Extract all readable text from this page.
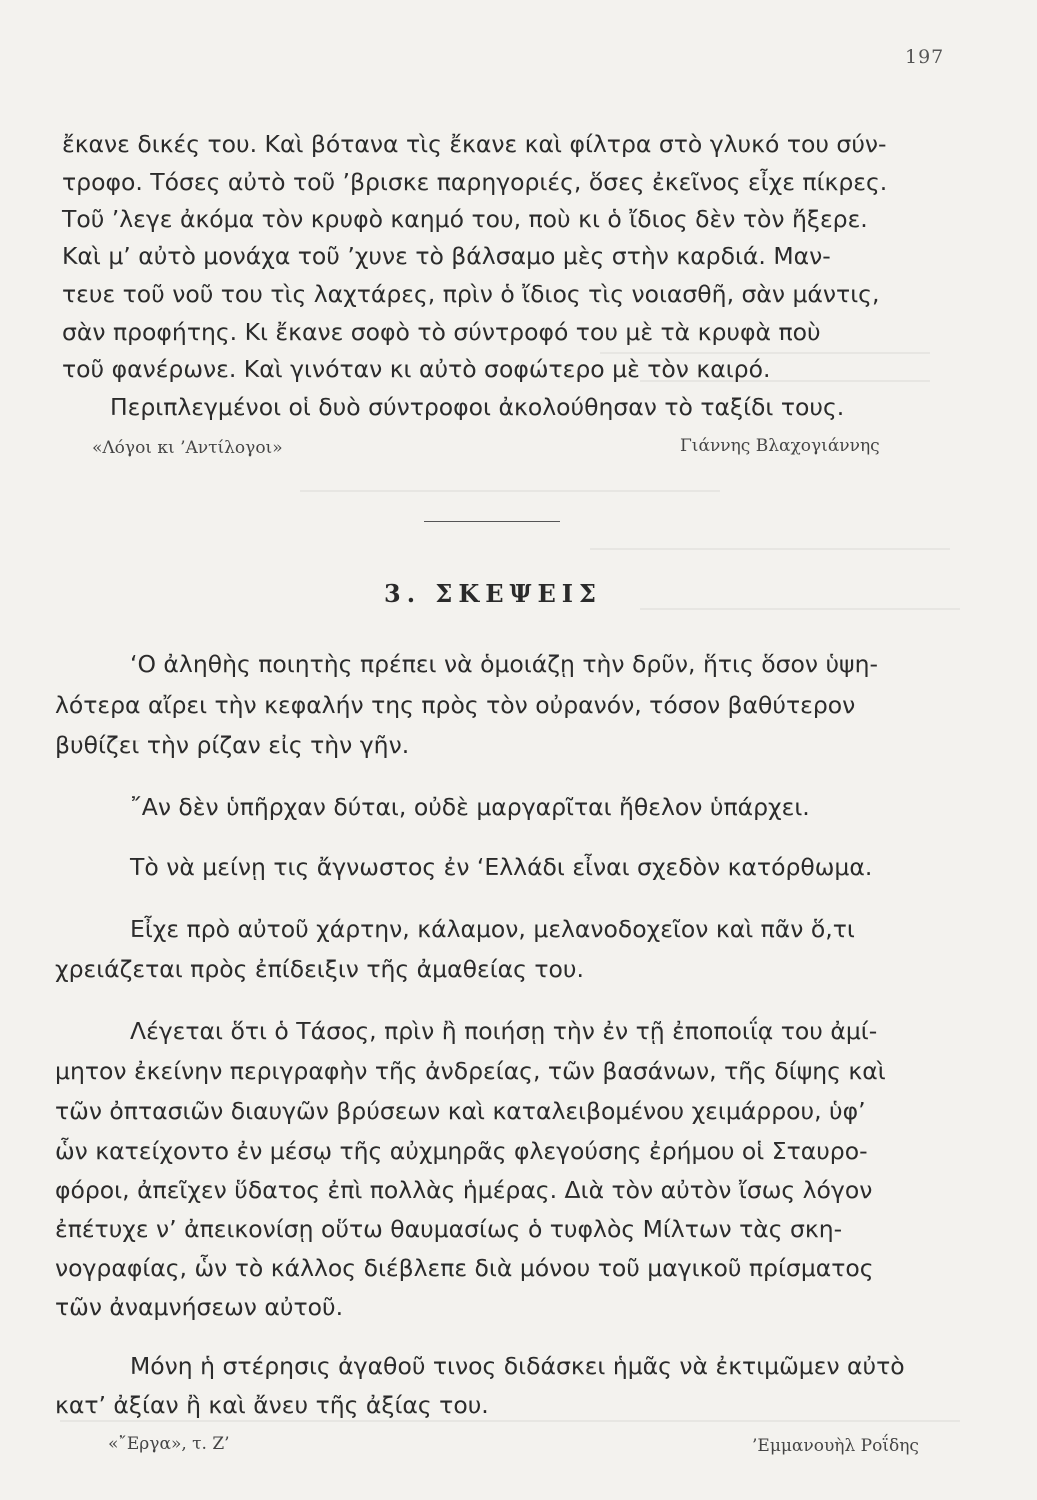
197
ἔκανε δικές του. Καὶ βότανα τὶς ἔκανε καὶ φίλτρα στὸ γλυκό του σύν-
τροφο. Τόσες αὐτὸ τοῦ ’βρισκε παρηγοριές, ὅσες ἐκεῖνος εἶχε πίκρες.
Τοῦ ’λεγε ἀκόμα τὸν κρυφὸ καημό του, ποὺ κι ὁ ἴδιος δὲν τὸν ἤξερε.
Καὶ μ’ αὐτὸ μονάχα τοῦ ’χυνε τὸ βάλσαμο μὲς στὴν καρδιά. Μαν-
τευε τοῦ νοῦ του τὶς λαχτάρες, πρὶν ὁ ἴδιος τὶς νοιασθῆ, σὰν μάντις,
σὰν προφήτης. Κι ἔκανε σοφὸ τὸ σύντροφό του μὲ τὰ κρυφὰ ποὺ
τοῦ φανέρωνε. Καὶ γινόταν κι αὐτὸ σοφώτερο μὲ τὸν καιρό.
Περιπλεγμένοι οἱ δυὸ σύντροφοι ἀκολούθησαν τὸ ταξίδι τους.
«Λόγοι κι ’Αντίλογοι»	Γιάννης Βλαχογιάννης
3. ΣΚΕΨΕΙΣ
‘Ο ἀληθὴς ποιητὴς πρέπει νὰ ὁμοιάζῃ τὴν δρῦν, ἥτις ὅσον ὑψη-
λότερα αἴρει τὴν κεφαλήν της πρὸς τὸν οὐρανόν, τόσον βαθύτερον
βυθίζει τὴν ρίζαν εἰς τὴν γῆν.
῎Αν δὲν ὑπῆρχαν δύται, οὐδὲ μαργαρῖται ἤθελον ὑπάρχει.
Τὸ νὰ μείνῃ τις ἄγνωστος ἐν ‘Ελλάδι εἶναι σχεδὸν κατόρθωμα.
Εἶχε πρὸ αὐτοῦ χάρτην, κάλαμον, μελανοδοχεῖον καὶ πᾶν ὅ,τι
χρειάζεται πρὸς ἐπίδειξιν τῆς ἀμαθείας του.
Λέγεται ὅτι ὁ Τάσος, πρὶν ἢ ποιήσῃ τὴν ἐν τῇ ἐποποιΐᾳ του ἀμί-
μητον ἐκείνην περιγραφὴν τῆς ἀνδρείας, τῶν βασάνων, τῆς δίψης καὶ
τῶν ὀπτασιῶν διαυγῶν βρύσεων καὶ καταλειβομένου χειμάρρου, ὑφ’
ὧν κατείχοντο ἐν μέσῳ τῆς αὐχμηρᾶς φλεγούσης ἐρήμου οἱ Σταυρο-
φόροι, ἀπεῖχεν ὕδατος ἐπὶ πολλὰς ἡμέρας. Διὰ τὸν αὐτὸν ἴσως λόγον
ἐπέτυχε ν’ ἀπεικονίσῃ οὕτω θαυμασίως ὁ τυφλὸς Μίλτων τὰς σκη-
νογραφίας, ὧν τὸ κάλλος διέβλεπε διὰ μόνου τοῦ μαγικοῦ πρίσματος
τῶν ἀναμνήσεων αὐτοῦ.
Μόνη ἡ στέρησις ἀγαθοῦ τινος διδάσκει ἡμᾶς νὰ ἐκτιμῶμεν αὐτὸ
κατ’ ἀξίαν ἢ καὶ ἄνευ τῆς ἀξίας του.
«῎Εργα», τ. Ζ’	’Εμμανουὴλ Ροΐδης
